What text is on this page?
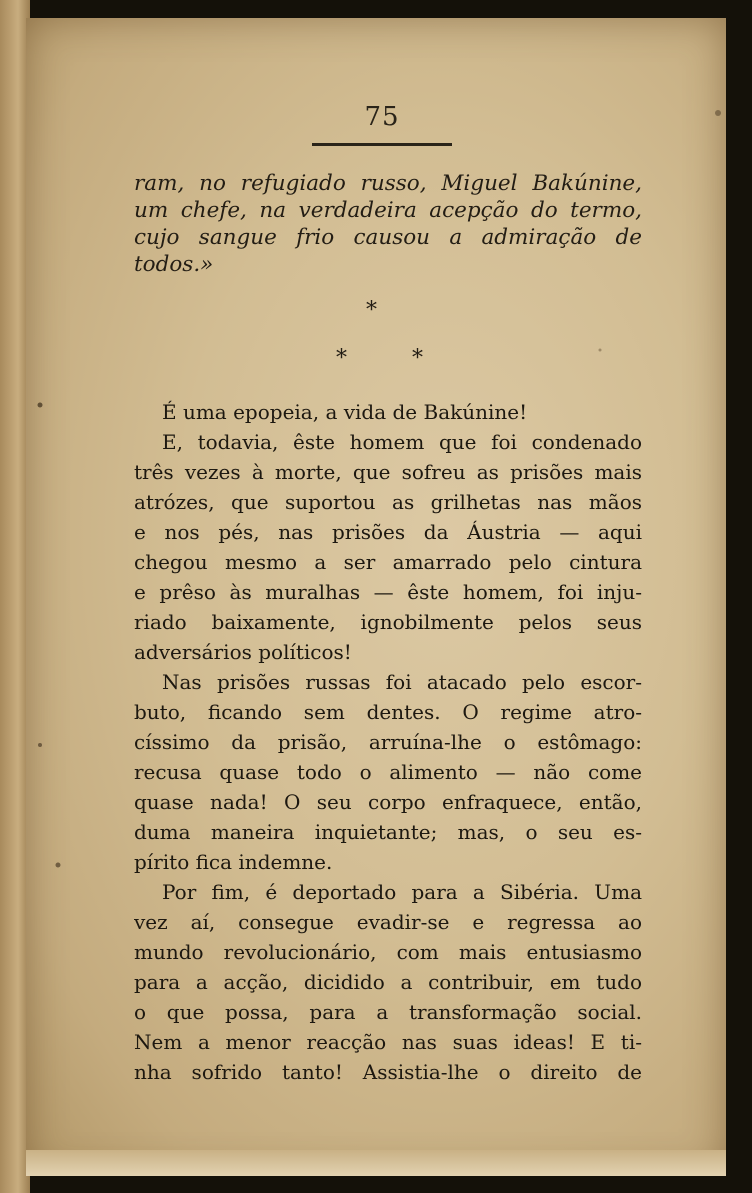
75
ram, no refugiado russo, Miguel Bakúnine,
um chefe, na verdadeira acepção do termo,
cujo sangue frio causou a admiração de
todos.»
*
*	*
É uma epopeia, a vida de Bakúnine!
E, todavia, êste homem que foi condenado
três vezes à morte, que sofreu as prisões mais
atrózes, que suportou as grilhetas nas mãos
e nos pés, nas prisões da Áustria — aqui
chegou mesmo a ser amarrado pelo cintura
e prêso às muralhas — êste homem, foi inju-
riado baixamente, ignobilmente pelos seus
adversários políticos!
Nas prisões russas foi atacado pelo escor-
buto, ficando sem dentes. O regime atro-
císsimo da prisão, arruína-lhe o estômago:
recusa quase todo o alimento — não come
quase nada! O seu corpo enfraquece, então,
duma maneira inquietante; mas, o seu es-
pírito fica indemne.
Por fim, é deportado para a Sibéria. Uma
vez aí, consegue evadir-se e regressa ao
mundo revolucionário, com mais entusiasmo
para a acção, dicidido a contribuir, em tudo
o que possa, para a transformação social.
Nem a menor reacção nas suas ideas! E ti-
nha sofrido tanto! Assistia-lhe o direito de
